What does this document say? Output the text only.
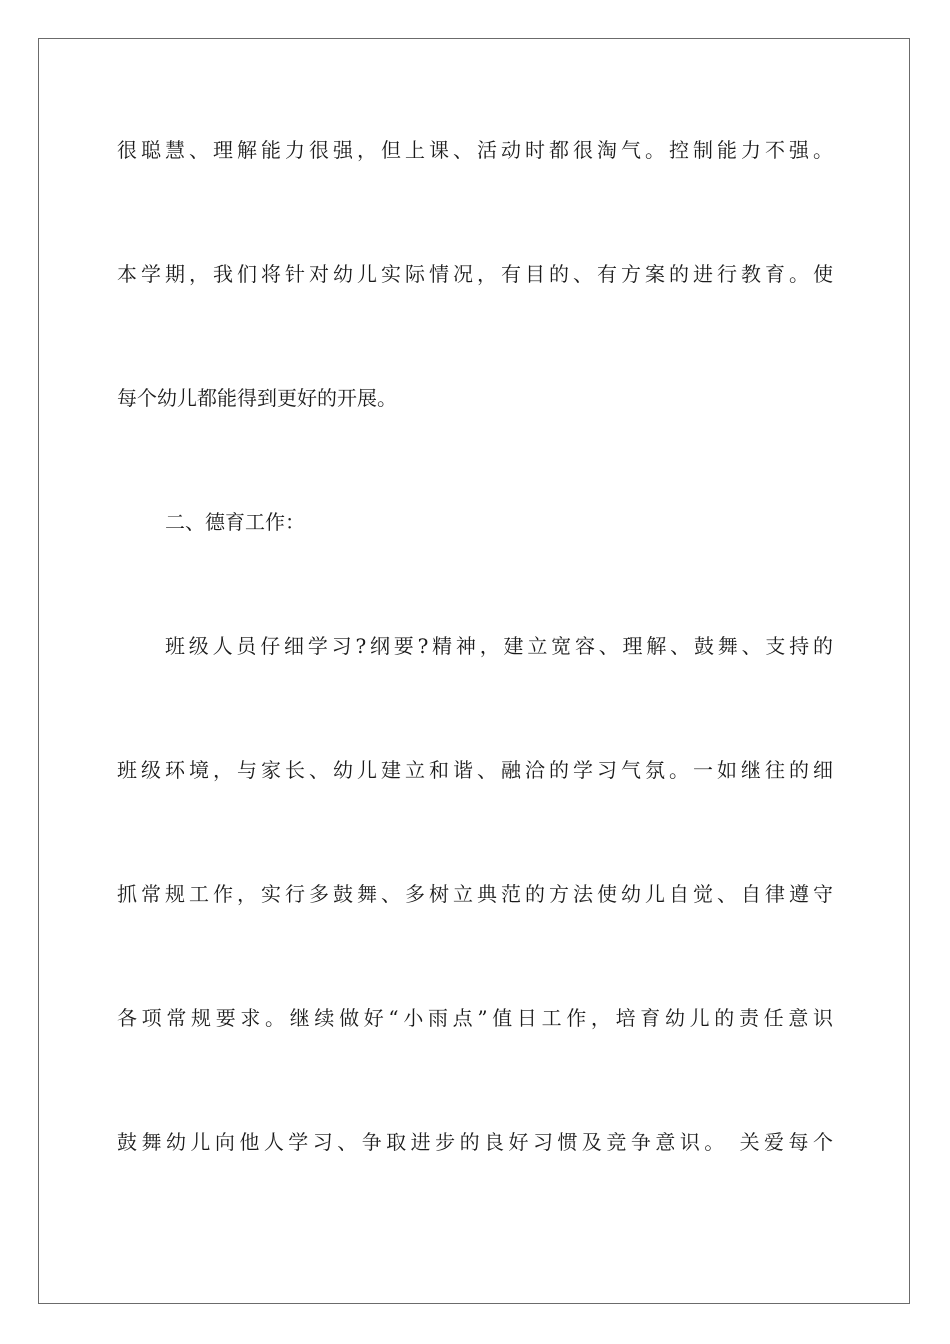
很聪慧、理解能力很强，但上课、活动时都很淘气。控制能力不强。
本学期，我们将针对幼儿实际情况，有目的、有方案的进行教育。使
每个幼儿都能得到更好的开展。
二、德育工作：
班级人员仔细学习?纲要?精神，建立宽容、理解、鼓舞、支持的
班级环境，与家长、幼儿建立和谐、融洽的学习气氛。一如继往的细
抓常规工作，实行多鼓舞、多树立典范的方法使幼儿自觉、自律遵守
各项常规要求。继续做好“小雨点”值日工作，培育幼儿的责任意识
鼓舞幼儿向他人学习、争取进步的良好习惯及竞争意识。 关爱每个
